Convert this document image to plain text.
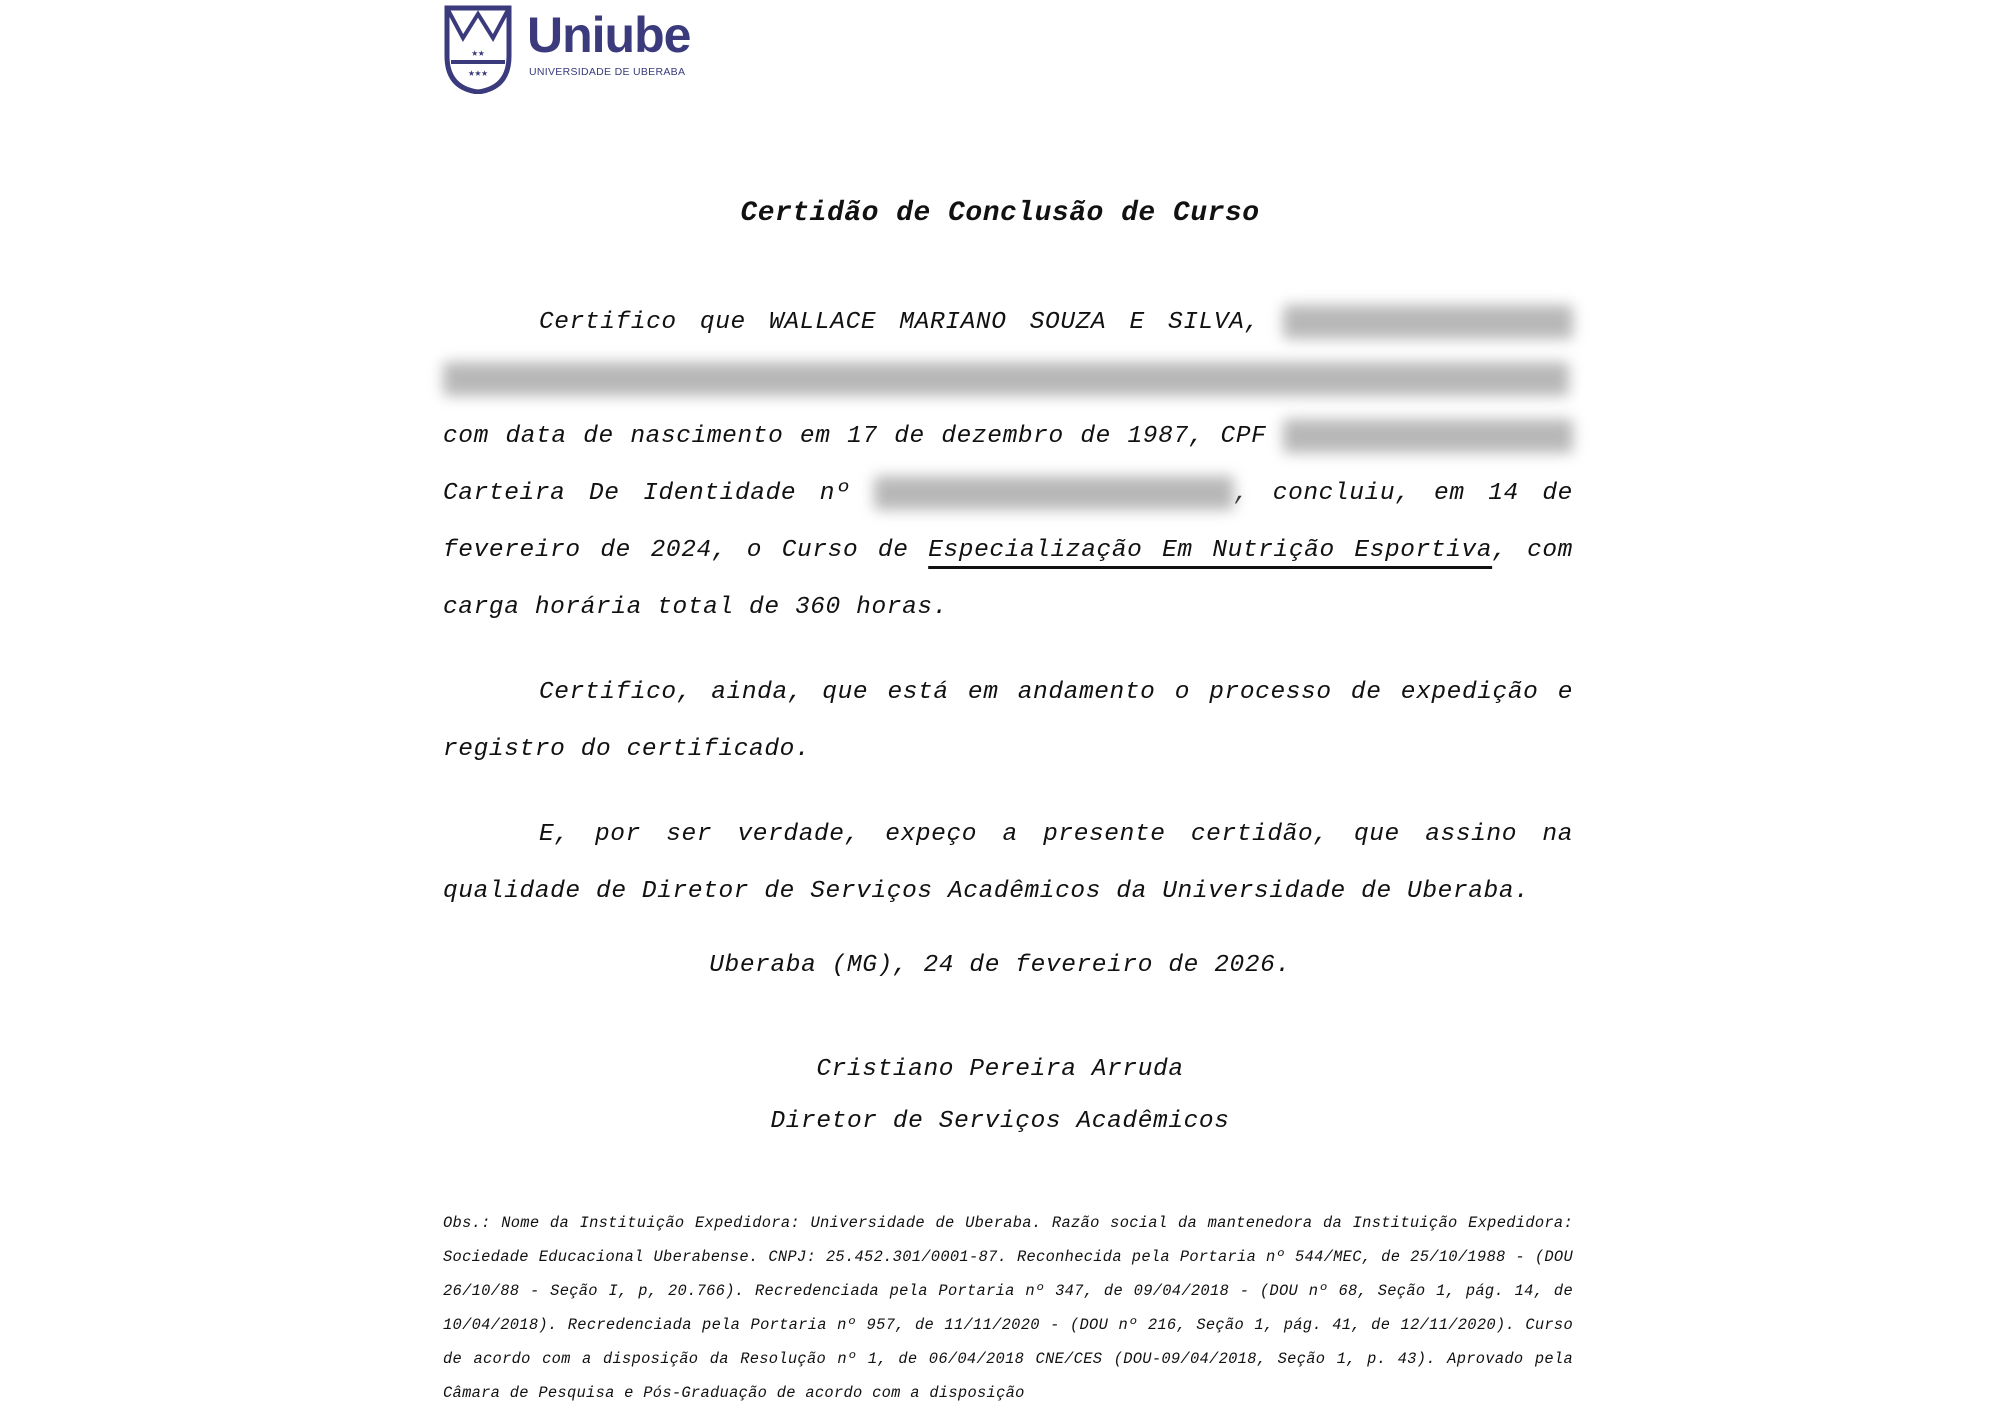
★★
★★★
Uniube
UNIVERSIDADE DE UBERABA
Certidão de Conclusão de Curso
Certifico que WALLACE MARIANO SOUZA E SILVA,   com data de nascimento em 17 de dezembro de 1987, CPF  Carteira De Identidade nº	, concluiu, em 14 de fevereiro de 2024, o Curso de Especialização Em Nutrição Esportiva, com carga horária total de 360 horas.
Certifico, ainda, que está em andamento o processo de expedição e registro do certificado.
E, por ser verdade, expeço a presente certidão, que assino na qualidade de Diretor de Serviços Acadêmicos da Universidade de Uberaba.
Uberaba (MG), 24 de fevereiro de 2026.
Cristiano Pereira Arruda
Diretor de Serviços Acadêmicos
Obs.: Nome da Instituição Expedidora: Universidade de Uberaba. Razão social da mantenedora da Instituição Expedidora: Sociedade Educacional Uberabense. CNPJ: 25.452.301/0001-87. Reconhecida pela Portaria nº 544/MEC, de 25/10/1988 - (DOU 26/10/88 - Seção I, p, 20.766). Recredenciada pela Portaria nº 347, de 09/04/2018 - (DOU nº 68, Seção 1, pág. 14, de 10/04/2018). Recredenciada pela Portaria nº 957, de 11/11/2020 - (DOU nº 216, Seção 1, pág. 41, de 12/11/2020). Curso de acordo com a disposição da Resolução nº 1, de 06/04/2018 CNE/CES (DOU-09/04/2018, Seção 1, p. 43). Aprovado pela Câmara de Pesquisa e Pós-Graduação de acordo com a disposição
